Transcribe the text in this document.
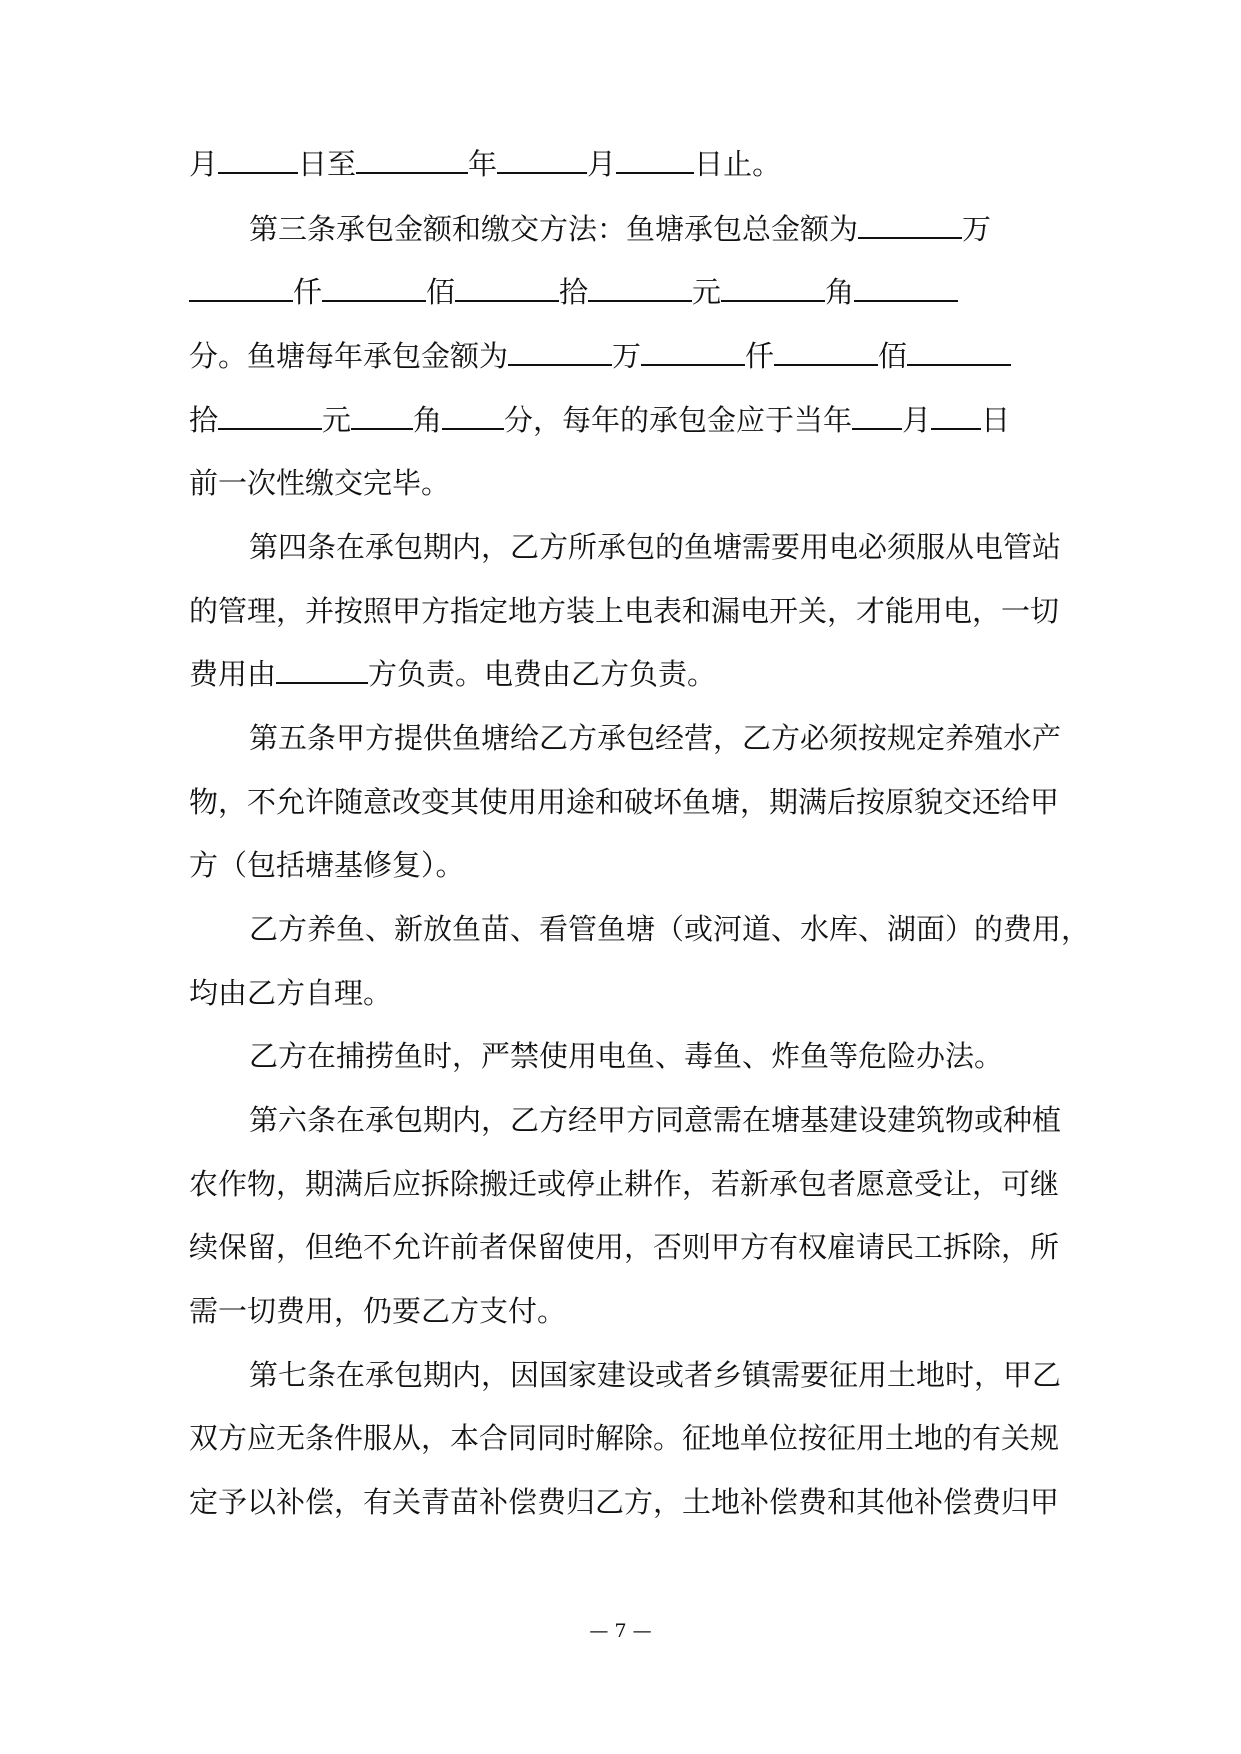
月	日至	年	月	日止。
第三条承包金额和缴交方法：鱼塘承包总金额为	万
仟	佰	拾	元	角
分。鱼塘每年承包金额为	万	仟	佰
拾	元 角 分，每年的承包金应于当年 月 日
前一次性缴交完毕。
第四条在承包期内，乙方所承包的鱼塘需要用电必须服从电管站
的管理，并按照甲方指定地方装上电表和漏电开关，才能用电，一切
费用由	方负责。电费由乙方负责。
第五条甲方提供鱼塘给乙方承包经营，乙方必须按规定养殖水产
物，不允许随意改变其使用用途和破坏鱼塘，期满后按原貌交还给甲
方（包括塘基修复）。
乙方养鱼、新放鱼苗、看管鱼塘（或河道、水库、湖面）的费用，
均由乙方自理。
乙方在捕捞鱼时，严禁使用电鱼、毒鱼、炸鱼等危险办法。
第六条在承包期内，乙方经甲方同意需在塘基建设建筑物或种植
农作物，期满后应拆除搬迁或停止耕作，若新承包者愿意受让，可继
续保留，但绝不允许前者保留使用，否则甲方有权雇请民工拆除，所
需一切费用，仍要乙方支付。
第七条在承包期内，因国家建设或者乡镇需要征用土地时，甲乙
双方应无条件服从，本合同同时解除。征地单位按征用土地的有关规
定予以补偿，有关青苗补偿费归乙方，土地补偿费和其他补偿费归甲
— 7 —
